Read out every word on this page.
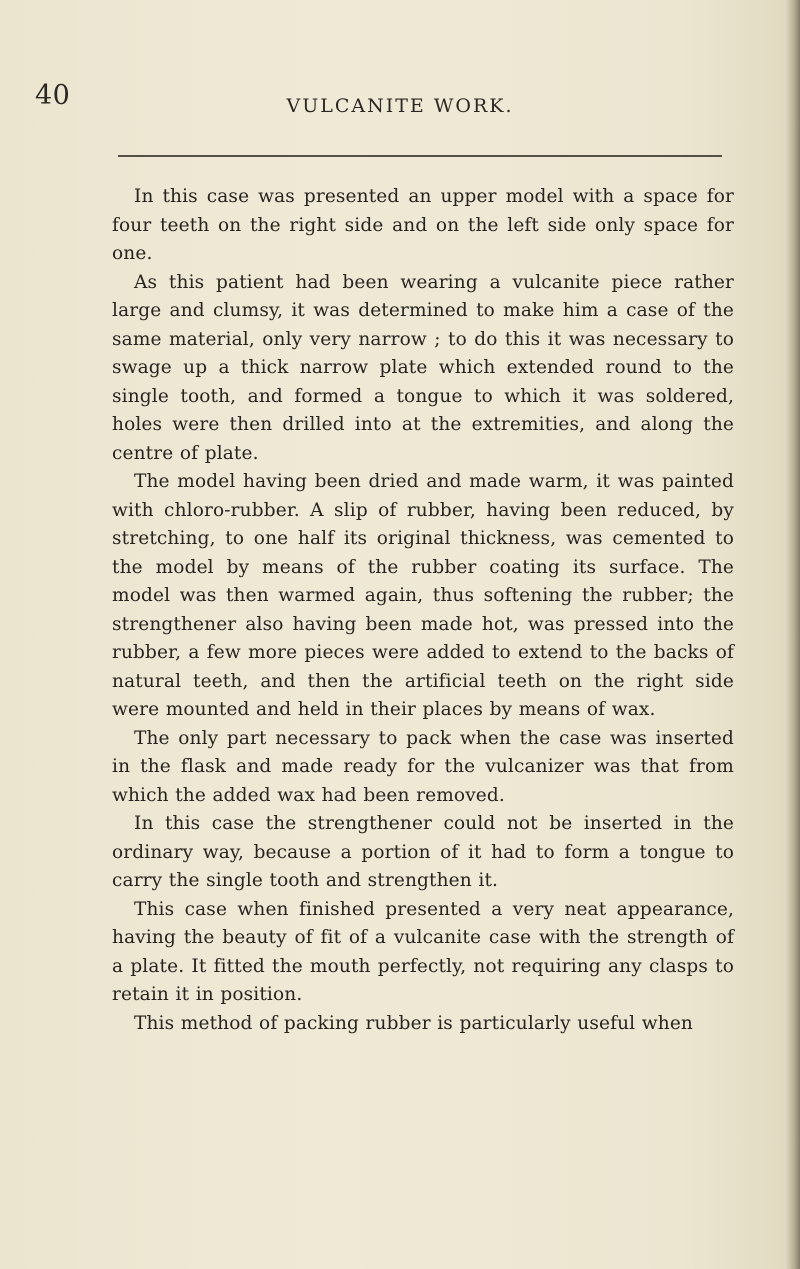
40	VULCANITE WORK.

In this case was presented an upper model with a space for four teeth on the right side and on the left side only space for one.

As this patient had been wearing a vulcanite piece rather large and clumsy, it was determined to make him a case of the same material, only very narrow ; to do this it was necessary to swage up a thick narrow plate which extended round to the single tooth, and formed a tongue to which it was soldered, holes were then drilled into at the extremities, and along the centre of plate.

The model having been dried and made warm, it was painted with chloro-rubber. A slip of rubber, having been reduced, by stretching, to one half its original thickness, was cemented to the model by means of the rubber coating its surface. The model was then warmed again, thus softening the rubber; the strengthener also having been made hot, was pressed into the rubber, a few more pieces were added to extend to the backs of natural teeth, and then the artificial teeth on the right side were mounted and held in their places by means of wax.

The only part necessary to pack when the case was inserted in the flask and made ready for the vulcanizer was that from which the added wax had been removed.

In this case the strengthener could not be inserted in the ordinary way, because a portion of it had to form a tongue to carry the single tooth and strengthen it.

This case when finished presented a very neat appearance, having the beauty of fit of a vulcanite case with the strength of a plate. It fitted the mouth perfectly, not requiring any clasps to retain it in position.

This method of packing rubber is particularly useful when
